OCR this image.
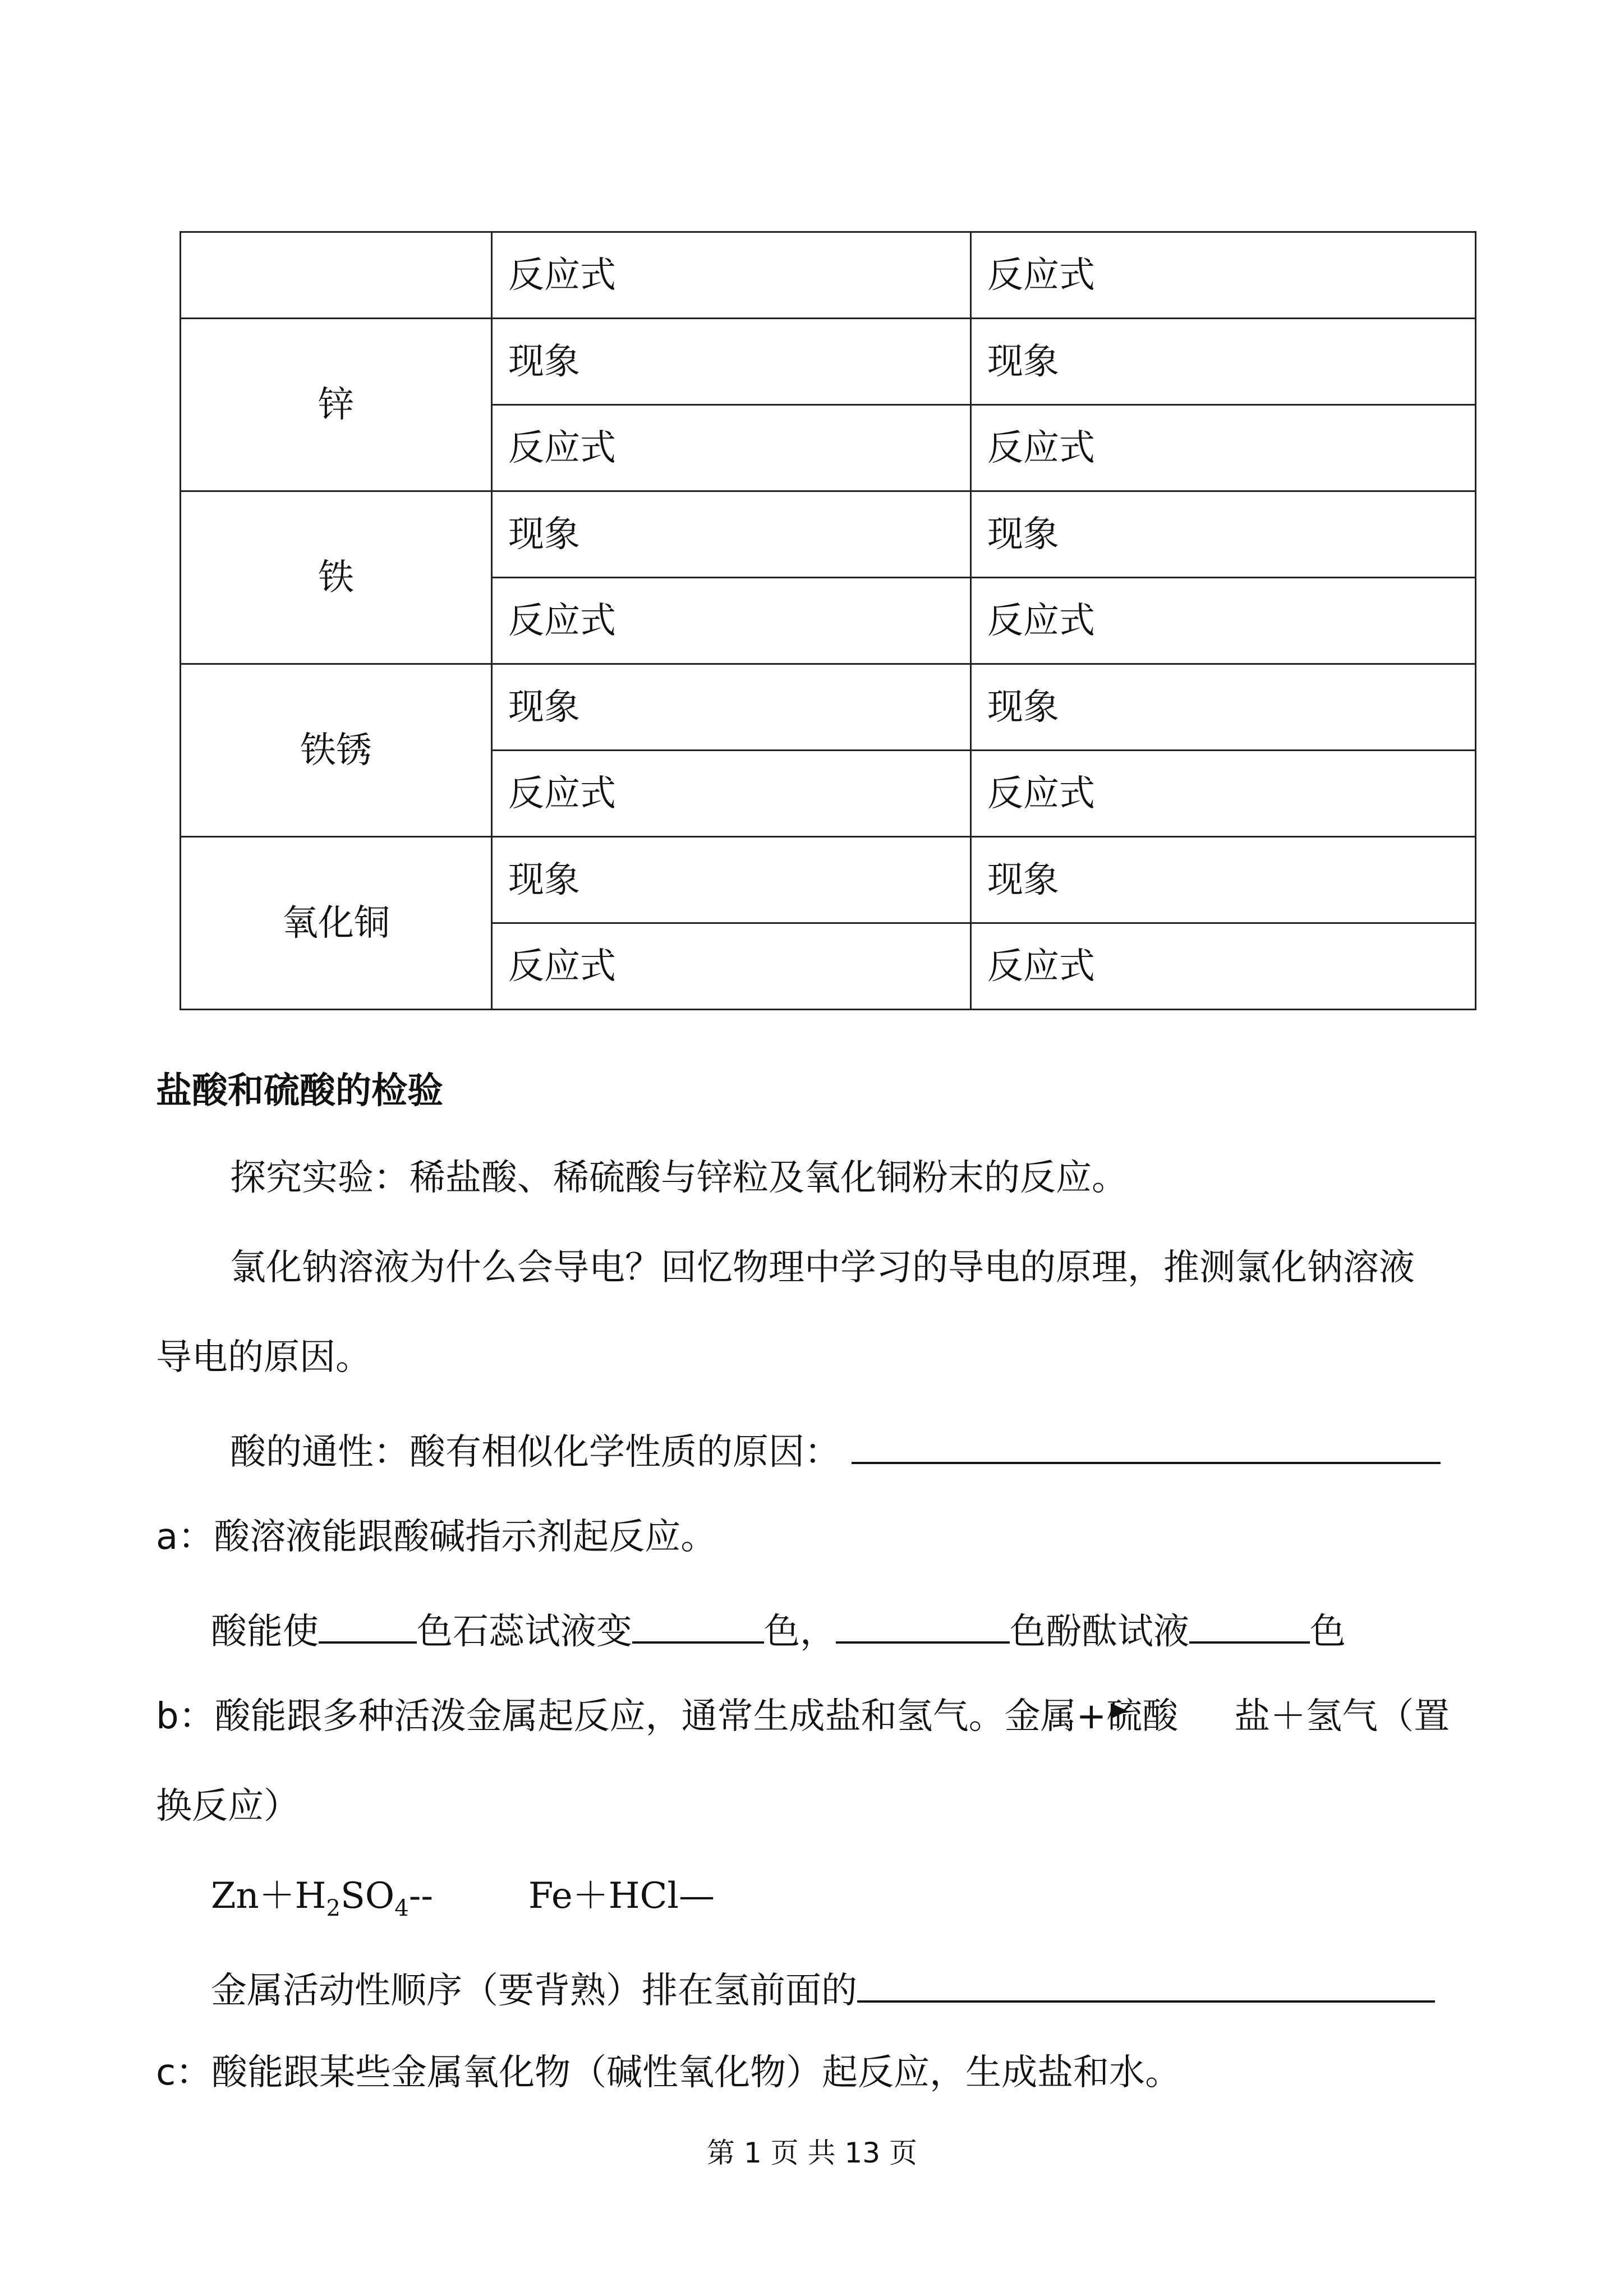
	反应式	反应式
锌	现象	现象
	反应式	反应式
铁	现象	现象
	反应式	反应式
铁锈	现象	现象
	反应式	反应式
氧化铜	现象	现象
	反应式	反应式
盐酸和硫酸的检验
探究实验：稀盐酸、稀硫酸与锌粒及氧化铜粉末的反应。
氯化钠溶液为什么会导电？回忆物理中学习的导电的原理，推测氯化钠溶液
导电的原因。
酸的通性：酸有相似化学性质的原因：
a：酸溶液能跟酸碱指示剂起反应。
酸能使	色石蕊试液变	色，	色酚酞试液	色
b：酸能跟多种活泼金属起反应，通常生成盐和氢气。金属+硫酸 盐＋氢气（置
换反应）
$Zn+H_2SO_4--$	Fe＋HCl—
金属活动性顺序（要背熟）排在氢前面的
c：酸能跟某些金属氧化物（碱性氧化物）起反应，生成盐和水。
第 1 页 共 13 页
